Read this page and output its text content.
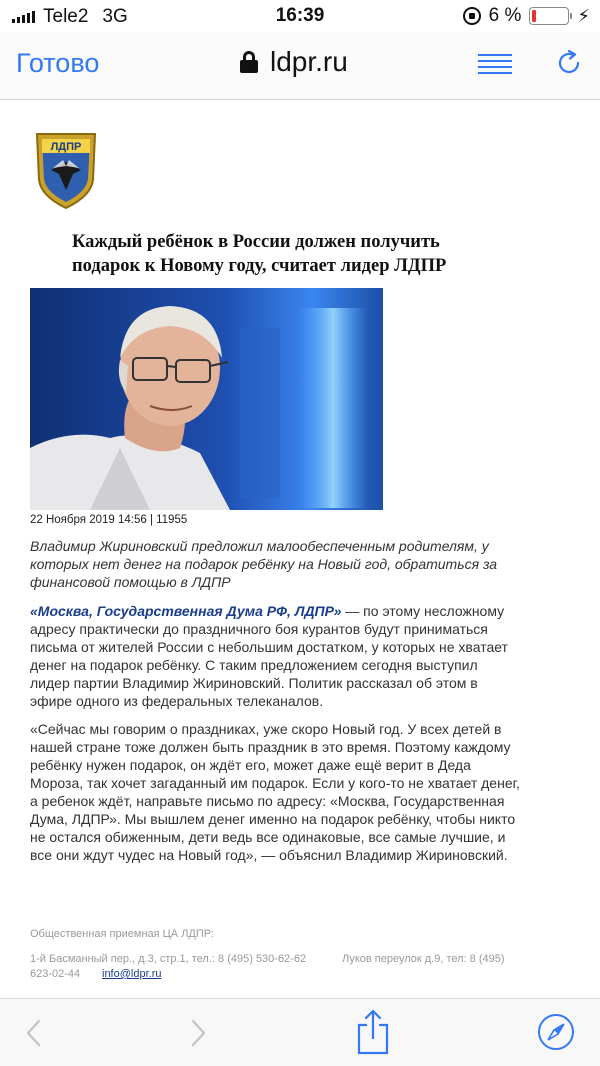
Tele2 3G	16:39	6 %	⚡
Готово	ldpr.ru
ЛДПР
Каждый ребёнок в России должен получить подарок к Новому году, считает лидер ЛДПР
22 Ноября 2019 14:56 | 11955
Владимир Жириновский предложил малообеспеченным родителям, у которых нет денег на подарок ребёнку на Новый год, обратиться за финансовой помощью в ЛДПР
«Москва, Государственная Дума РФ, ЛДПР» — по этому несложному адресу практически до праздничного боя курантов будут приниматься письма от жителей России с небольшим достатком, у которых не хватает денег на подарок ребёнку. С таким предложением сегодня выступил лидер партии Владимир Жириновский. Политик рассказал об этом в эфире одного из федеральных телеканалов.
«Сейчас мы говорим о праздниках, уже скоро Новый год. У всех детей в нашей стране тоже должен быть праздник в это время. Поэтому каждому ребёнку нужен подарок, он ждёт его, может даже ещё верит в Деда Мороза, так хочет загаданный им подарок. Если у кого-то не хватает денег, а ребенок ждёт, направьте письмо по адресу: «Москва, Государственная Дума, ЛДПР». Мы вышлем денег именно на подарок ребёнку, чтобы никто не остался обиженным, дети ведь все одинаковые, все самые лучшие, и все они ждут чудес на Новый год», — объяснил Владимир Жириновский.
Общественная приемная ЦА ЛДПР:
1-й Басманный пер., д.3, стр.1, тел.: 8 (495) 530-62-62	Луков переулок д.9, тел: 8 (495)
623-02-44 info@ldpr.ru
